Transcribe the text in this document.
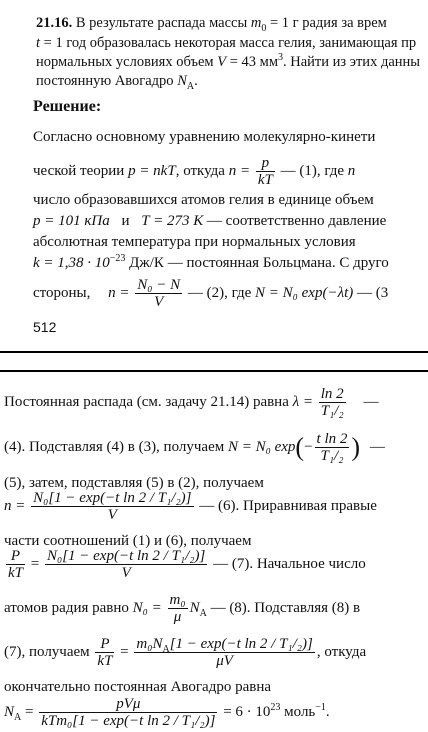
21.16. В результате распада массы $m_0 = 1$ г радия за врем
t = 1 год образовалась некоторая масса гелия, занимающая пр
нормальных условиях объем V = 43 $мм^3$. Найти из этих данны
постоянную Авогадро $N_A$.
Решение:
Согласно основному уравнению молекулярно-кинети
ческой теории p = nkT, откуда $n = \frac{p}{kT}$ — (1), где n
число образовавшихся атомов гелия в единице объем
p = 101 кПа и T = 273 К — соответственно давление
абсолютная температура при нормальных условия
$k = 1,38 \cdot 10^{-23}$ Дж/К — постоянная Больцмана. С друго
стороны, $n = \frac{\text{N₀ − N}}{V}$ — (2), где N = N₀ exp(−λt) — (3
512
Постоянная распада (см. задачу 21.14) равна $\lambda = \frac{\ln 2}{\text{T₁/₂}}$ —
(4). Подставляя (4) в (3), получаем N = N₀ $\exp(- \frac{\text{t ln 2}}{\text{T₁/₂}}$ ) —
(5), затем, подставляя (5) в (2), получаем
$n = \frac{\text{N₀[1 − exp(−t ln 2 / T₁/₂)]}}{V}$ — (6). Приравнивая правые
части соотношений (1) и (6), получаем
$\frac{P}{kT} = \frac{\text{N₀[1 − exp(−t ln 2 / T₁/₂)]}}{V}$ — (7). Начальное число
атомов радия равно $N_0 = \frac{\text{m₀}}{\mu} N_A$ — (8). Подставляя (8) в
(7), получаем $\frac{P}{kT} = \frac{m_0N_A[1 - \exp(-t \ln 2 / T_1/_2)]}{\mu V}$ , откуда
окончательно постоянная Авогадро равна
$N_A = \frac{\text{pVμ}}{\text{kTm₀[1 − exp(−t ln 2 / T₁/₂)]}} = 6 \cdot 10^{23}$ моль$^{-1}$.
